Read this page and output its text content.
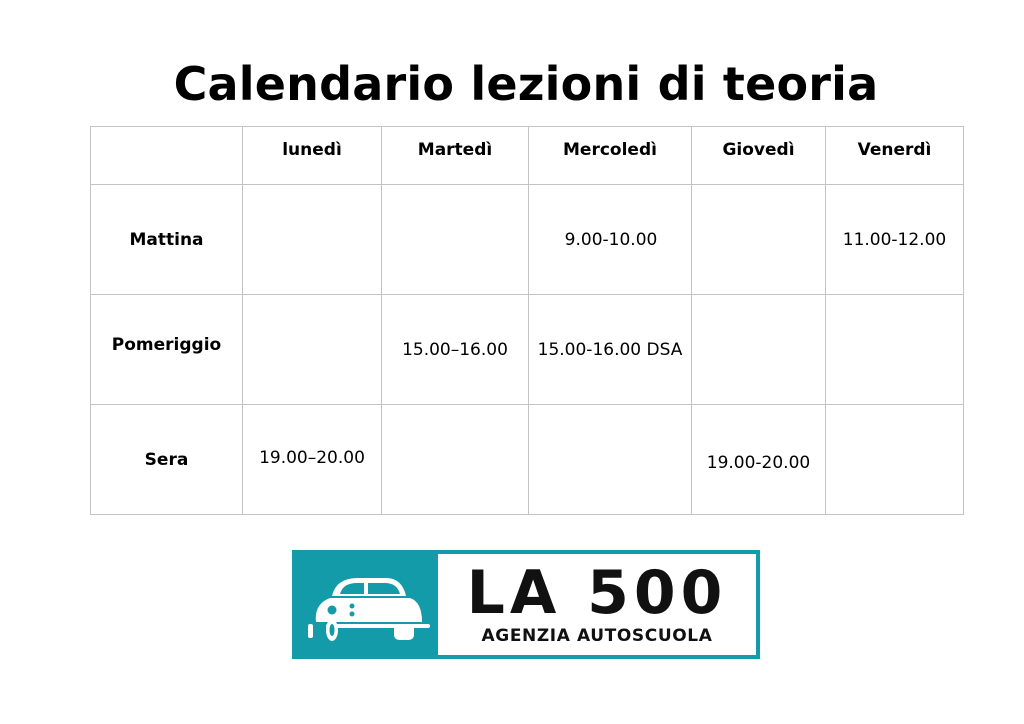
Calendario lezioni di teoria
	lunedì	Martedì	Mercoledì	Giovedì	Venerdì
Mattina			9.00-10.00		11.00-12.00
Pomeriggio		15.00–16.00	15.00-16.00 DSA		
Sera	19.00–20.00			19.00-20.00	
LA 500
AGENZIA AUTOSCUOLA
